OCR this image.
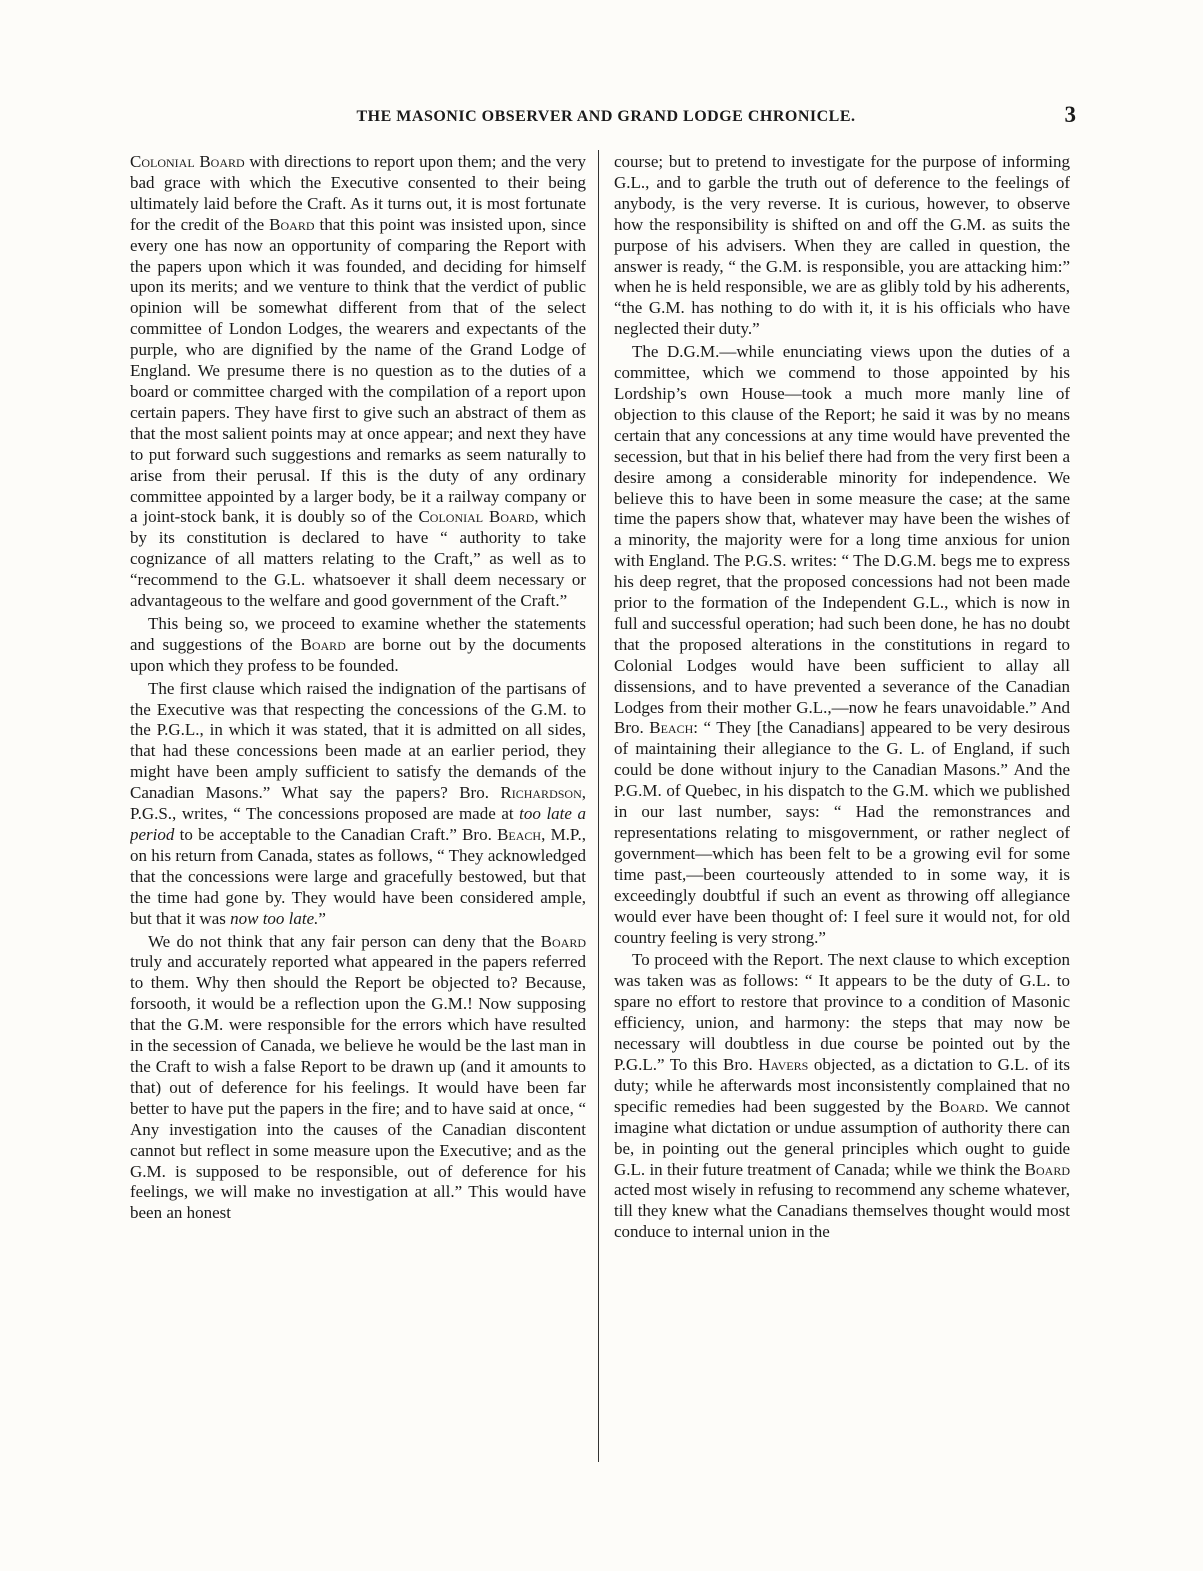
THE MASONIC OBSERVER AND GRAND LODGE CHRONICLE.	3

Colonial Board with directions to report upon them; and the very bad grace with which the Executive consented to their being ultimately laid before the Craft. As it turns out, it is most fortunate for the credit of the Board that this point was insisted upon, since every one has now an opportunity of comparing the Report with the papers upon which it was founded, and deciding for himself upon its merits; and we venture to think that the verdict of public opinion will be somewhat different from that of the select committee of London Lodges, the wearers and expectants of the purple, who are dignified by the name of the Grand Lodge of England. We presume there is no question as to the duties of a board or committee charged with the compilation of a report upon certain papers. They have first to give such an abstract of them as that the most salient points may at once appear; and next they have to put forward such suggestions and remarks as seem naturally to arise from their perusal. If this is the duty of any ordinary committee appointed by a larger body, be it a railway company or a joint-stock bank, it is doubly so of the Colonial Board, which by its constitution is declared to have “ authority to take cognizance of all matters relating to the Craft,” as well as to “recommend to the G.L. whatsoever it shall deem necessary or advantageous to the welfare and good government of the Craft.”

This being so, we proceed to examine whether the statements and suggestions of the Board are borne out by the documents upon which they profess to be founded.

The first clause which raised the indignation of the partisans of the Executive was that respecting the concessions of the G.M. to the P.G.L., in which it was stated, that it is admitted on all sides, that had these concessions been made at an earlier period, they might have been amply sufficient to satisfy the demands of the Canadian Masons.” What say the papers? Bro. Richardson, P.G.S., writes, “ The concessions proposed are made at too late a period to be acceptable to the Canadian Craft.” Bro. Beach, M.P., on his return from Canada, states as follows, “ They acknowledged that the concessions were large and gracefully bestowed, but that the time had gone by. They would have been considered ample, but that it was now too late.”

We do not think that any fair person can deny that the Board truly and accurately reported what appeared in the papers referred to them. Why then should the Report be objected to? Because, forsooth, it would be a reflection upon the G.M.! Now supposing that the G.M. were responsible for the errors which have resulted in the secession of Canada, we believe he would be the last man in the Craft to wish a false Report to be drawn up (and it amounts to that) out of deference for his feelings. It would have been far better to have put the papers in the fire; and to have said at once, “ Any investigation into the causes of the Canadian discontent cannot but reflect in some measure upon the Executive; and as the G.M. is supposed to be responsible, out of deference for his feelings, we will make no investigation at all.” This would have been an honest

course; but to pretend to investigate for the purpose of informing G.L., and to garble the truth out of deference to the feelings of anybody, is the very reverse. It is curious, however, to observe how the responsibility is shifted on and off the G.M. as suits the purpose of his advisers. When they are called in question, the answer is ready, “ the G.M. is responsible, you are attacking him:” when he is held responsible, we are as glibly told by his adherents, “the G.M. has nothing to do with it, it is his officials who have neglected their duty.”

The D.G.M.—while enunciating views upon the duties of a committee, which we commend to those appointed by his Lordship’s own House—took a much more manly line of objection to this clause of the Report; he said it was by no means certain that any concessions at any time would have prevented the secession, but that in his belief there had from the very first been a desire among a considerable minority for independence. We believe this to have been in some measure the case; at the same time the papers show that, whatever may have been the wishes of a minority, the majority were for a long time anxious for union with England. The P.G.S. writes: “ The D.G.M. begs me to express his deep regret, that the proposed concessions had not been made prior to the formation of the Independent G.L., which is now in full and successful operation; had such been done, he has no doubt that the proposed alterations in the constitutions in regard to Colonial Lodges would have been sufficient to allay all dissensions, and to have prevented a severance of the Canadian Lodges from their mother G.L.,—now he fears unavoidable.” And Bro. Beach: “ They [the Canadians] appeared to be very desirous of maintaining their allegiance to the G. L. of England, if such could be done without injury to the Canadian Masons.” And the P.G.M. of Quebec, in his dispatch to the G.M. which we published in our last number, says: “ Had the remonstrances and representations relating to misgovernment, or rather neglect of government—which has been felt to be a growing evil for some time past,—been courteously attended to in some way, it is exceedingly doubtful if such an event as throwing off allegiance would ever have been thought of: I feel sure it would not, for old country feeling is very strong.”

To proceed with the Report. The next clause to which exception was taken was as follows: “ It appears to be the duty of G.L. to spare no effort to restore that province to a condition of Masonic efficiency, union, and harmony: the steps that may now be necessary will doubtless in due course be pointed out by the P.G.L.” To this Bro. Havers objected, as a dictation to G.L. of its duty; while he afterwards most inconsistently complained that no specific remedies had been suggested by the Board. We cannot imagine what dictation or undue assumption of authority there can be, in pointing out the general principles which ought to guide G.L. in their future treatment of Canada; while we think the Board acted most wisely in refusing to recommend any scheme whatever, till they knew what the Canadians themselves thought would most conduce to internal union in the
